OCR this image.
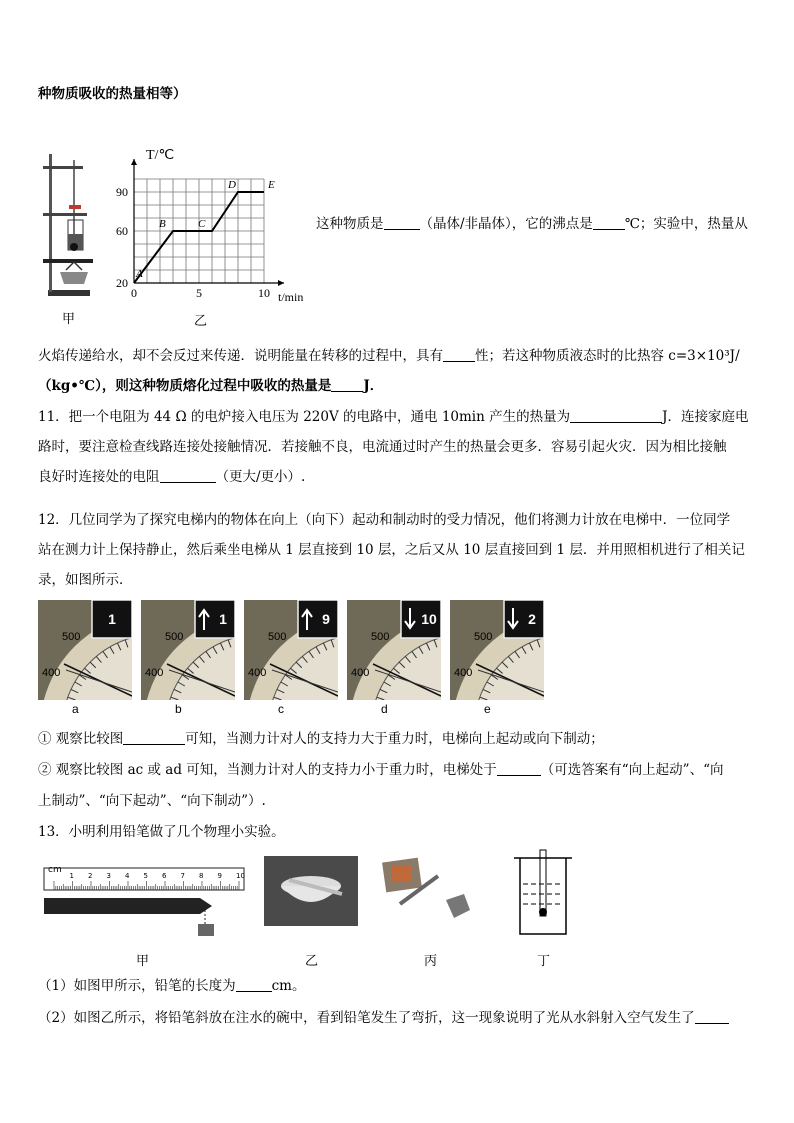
种物质吸收的热量相等）
甲
T/℃
t/min
20
60
90
0	5	10
A
B	C
D	E
乙
这种物质是	（晶体/非晶体），它的沸点是 ℃；实验中，热量从
火焰传递给水，却不会反过来传递．说明能量在转移的过程中，具有 性；若这种物质液态时的比热容 c=3×10³J/
（kg•℃），则这种物质熔化过程中吸收的热量是 J．
11．把一个电阻为 44 Ω 的电炉接入电压为 220V 的电路中，通电 10min 产生的热量为	J．连接家庭电
路时，要注意检查线路连接处接触情况．若接触不良，电流通过时产生的热量会更多．容易引起火灾．因为相比接触
良好时连接处的电阻	（更大/更小）.
12．几位同学为了探究电梯内的物体在向上（向下）起动和制动时的受力情况，他们将测力计放在电梯中．一位同学
站在测力计上保持静止，然后乘坐电梯从 1 层直接到 10 层，之后又从 10 层直接回到 1 层．并用照相机进行了相关记
录，如图所示．
500
400
1
a
500
400
1
b
500
400
9
c
500
400
10
d
500
400
2
e
① 观察比较图	可知，当测力计对人的支持力大于重力时，电梯向上起动或向下制动；
② 观察比较图 ac 或 ad 可知，当测力计对人的支持力小于重力时，电梯处于	（可选答案有“向上起动”、“向
上制动”、“向下起动”、“向下制动”）.
13．小明利用铅笔做了几个物理小实验。
cm
1 2 3 4 5 6 7 8 9 10
甲	乙	丙	丁
（1）如图甲所示，铅笔的长度为	cm。
（2）如图乙所示，将铅笔斜放在注水的碗中，看到铅笔发生了弯折，这一现象说明了光从水斜射入空气发生了
